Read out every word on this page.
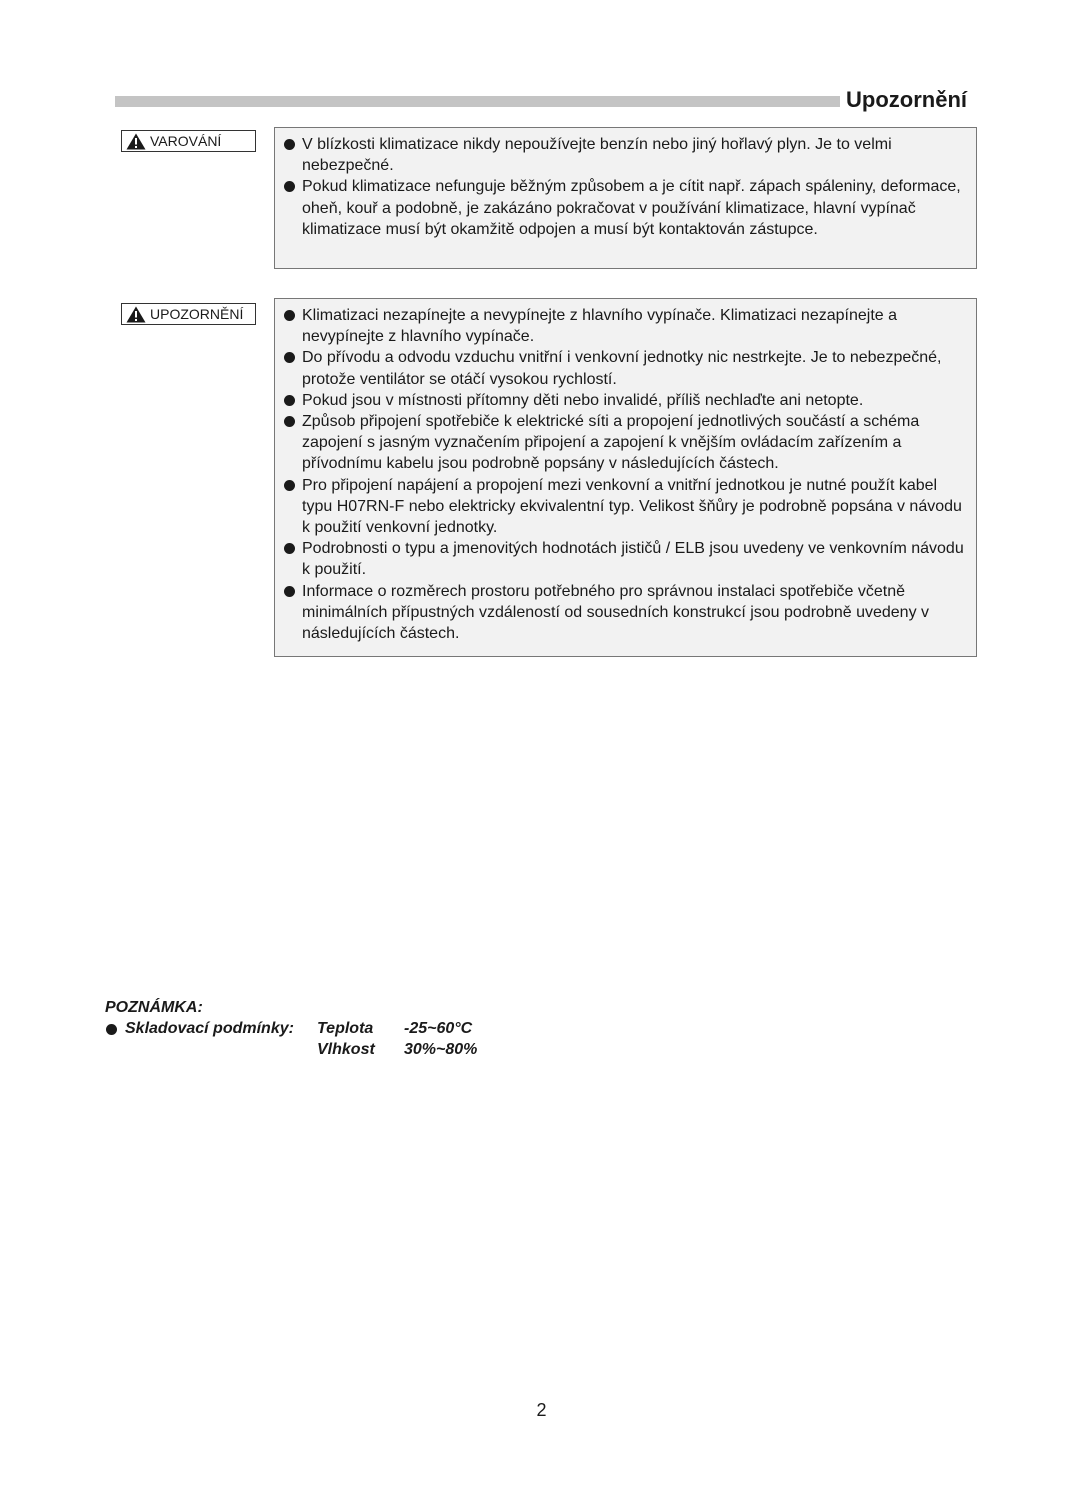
Upozornění
VAROVÁNÍ	V blízkosti klimatizace nikdy nepoužívejte benzín nebo jiný hořlavý plyn. Je to velmi nebezpečné.
Pokud klimatizace nefunguje běžným způsobem a je cítit např. zápach spáleniny, deformace, oheň, kouř a podobně, je zakázáno pokračovat v používání klimatizace, hlavní vypínač klimatizace musí být okamžitě odpojen a musí být kontaktován zástupce.
UPOZORNĚNÍ	Klimatizaci nezapínejte a nevypínejte z hlavního vypínače. Klimatizaci nezapínejte a nevypínejte z hlavního vypínače.
Do přívodu a odvodu vzduchu vnitřní i venkovní jednotky nic nestrkejte. Je to nebezpečné, protože ventilátor se otáčí vysokou rychlostí.
Pokud jsou v místnosti přítomny děti nebo invalidé, příliš nechlaďte ani netopte.
Způsob připojení spotřebiče k elektrické síti a propojení jednotlivých součástí a schéma zapojení s jasným vyznačením připojení a zapojení k vnějším ovládacím zařízením a přívodnímu kabelu jsou podrobně popsány v následujících částech.
Pro připojení napájení a propojení mezi venkovní a vnitřní jednotkou je nutné použít kabel typu H07RN-F nebo elektricky ekvivalentní typ. Velikost šňůry je podrobně popsána v návodu k použití venkovní jednotky.
Podrobnosti o typu a jmenovitých hodnotách jističů / ELB jsou uvedeny ve venkovním návodu k použití.
Informace o rozměrech prostoru potřebného pro správnou instalaci spotřebiče včetně minimálních přípustných vzdáleností od sousedních konstrukcí jsou podrobně uvedeny v následujících částech.
POZNÁMKA:
Skladovací podmínky: Teplota -25~60°C
Vlhkost 30%~80%
2
